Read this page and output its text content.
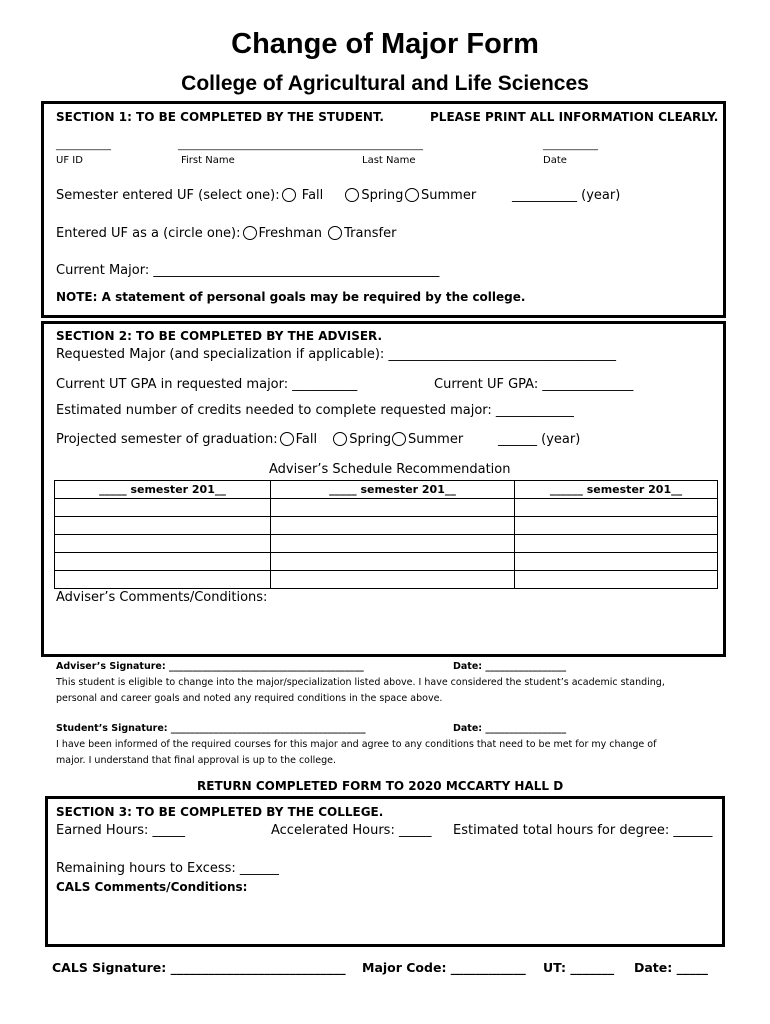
Change of Major Form
College of Agricultural and Life Sciences
SECTION 1: TO BE COMPLETED BY THE STUDENT.	PLEASE PRINT ALL INFORMATION CLEARLY.
___________	_________________________________________________	___________
UF ID	First Name	Last Name	Date
Semester entered UF (select one): Fall	Spring	Summer	__________ (year)
Entered UF as a (circle one): Freshman Transfer
Current Major: ____________________________________________
NOTE: A statement of personal goals may be required by the college.
SECTION 2: TO BE COMPLETED BY THE ADVISER.
Requested Major (and specialization if applicable): ___________________________________
Current UT GPA in requested major: __________	Current UF GPA: ______________
Estimated number of credits needed to complete requested major: ____________
Projected semester of graduation: Fall Spring	Summer	______ (year)
Adviser’s Schedule Recommendation
_____ semester 201__	_____ semester 201__	______ semester 201__

Adviser’s Comments/Conditions:
Adviser’s Signature: _________________________________________	Date: _________________
This student is eligible to change into the major/specialization listed above. I have considered the student’s academic standing,
personal and career goals and noted any required conditions in the space above.
Student’s Signature: _________________________________________	Date: _________________
I have been informed of the required courses for this major and agree to any conditions that need to be met for my change of
major. I understand that final approval is up to the college.
RETURN COMPLETED FORM TO 2020 MCCARTY HALL D
SECTION 3: TO BE COMPLETED BY THE COLLEGE.
Earned Hours: _____	Accelerated Hours: _____ Estimated total hours for degree: ______
Remaining hours to Excess: ______
CALS Comments/Conditions:
CALS Signature: ____________________________ Major Code: ____________ UT: _______ Date: _____
